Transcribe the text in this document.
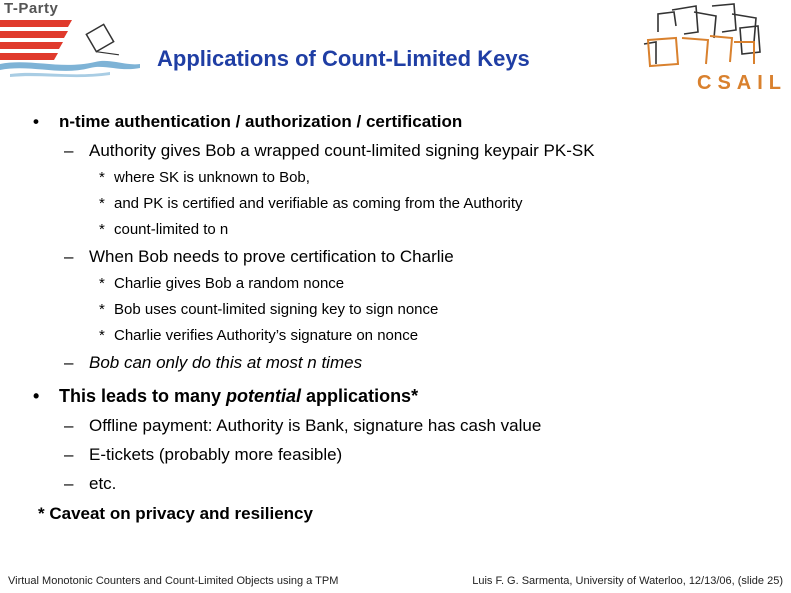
T-Party
Applications of Count-Limited Keys
CSAIL
• n-time authentication / authorization / certification
– Authority gives Bob a wrapped count-limited signing keypair PK-SK
* where SK is unknown to Bob,
* and PK is certified and verifiable as coming from the Authority
* count-limited to n
– When Bob needs to prove certification to Charlie
* Charlie gives Bob a random nonce
* Bob uses count-limited signing key to sign nonce
* Charlie verifies Authority’s signature on nonce
– Bob can only do this at most n times
• This leads to many potential applications*
– Offline payment: Authority is Bank, signature has cash value
– E-tickets (probably more feasible)
– etc.
* Caveat on privacy and resiliency
Virtual Monotonic Counters and Count-Limited Objects using a TPM	Luis F. G. Sarmenta, University of Waterloo, 12/13/06, (slide 25)
